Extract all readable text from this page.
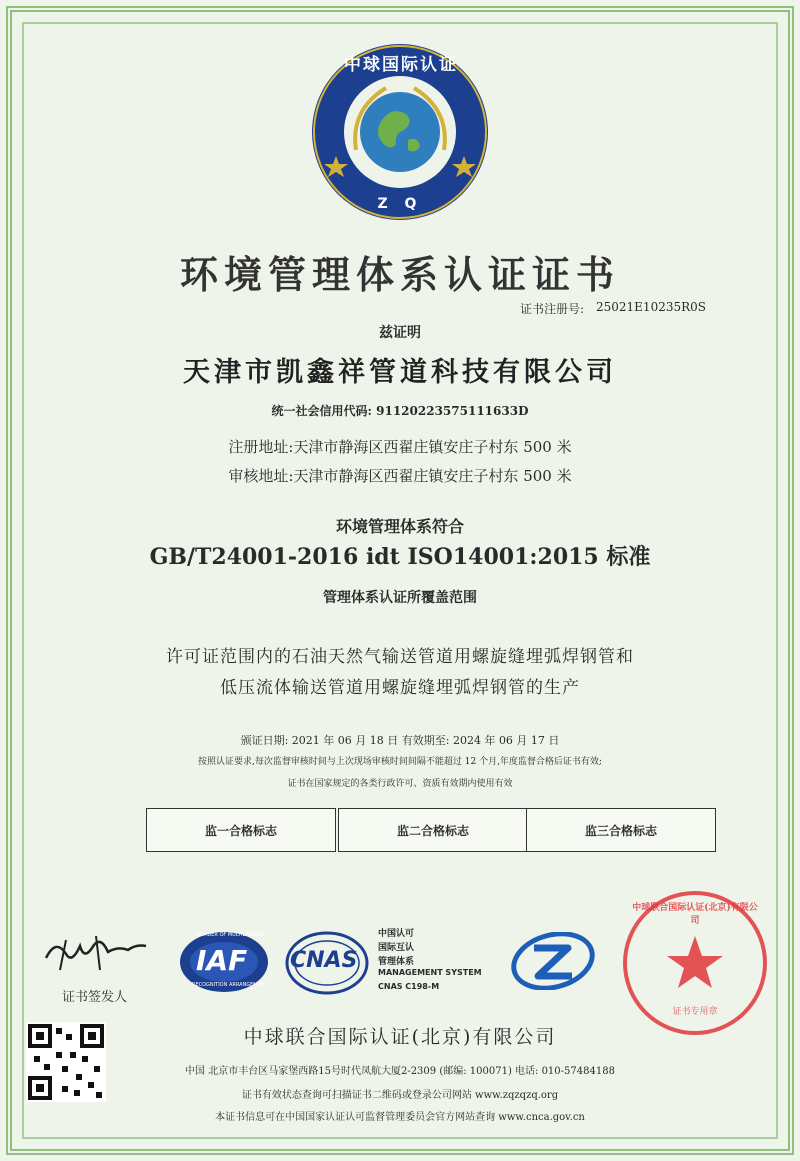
中球国际认证
Z Q
环境管理体系认证证书
证书注册号: 25021E10235R0S
兹证明
天津市凯鑫祥管道科技有限公司
统一社会信用代码: 91120223575111633D
注册地址:天津市静海区西翟庄镇安庄子村东 500 米
审核地址:天津市静海区西翟庄镇安庄子村东 500 米
环境管理体系符合
GB/T24001-2016 idt ISO14001:2015 标准
管理体系认证所覆盖范围
许可证范围内的石油天然气输送管道用螺旋缝埋弧焊钢管和
低压流体输送管道用螺旋缝埋弧焊钢管的生产
颁证日期: 2021 年 06 月 18 日 有效期至: 2024 年 06 月 17 日
按照认证要求,每次监督审核时间与上次现场审核时间间隔不能超过 12 个月,年度监督合格后证书有效;
证书在国家规定的各类行政许可、资质有效期内使用有效
监一合格标志	监二合格标志	监三合格标志
证书签发人
IAF
MEMBER OF MULTILATERAL
RECOGNITION ARRANGEMENT
CNAS
中国认可
国际互认
管理体系
MANAGEMENT SYSTEM
CNAS C198-M
中球联合国际认证(北京)有限公司
证书专用章
中球联合国际认证(北京)有限公司
中国 北京市丰台区马家堡西路15号时代凤航大厦2-2309 (邮编: 100071) 电话: 010-57484188
证书有效状态查询可扫描证书二维码或登录公司网站 www.zqzqzq.org
本证书信息可在中国国家认证认可监督管理委员会官方网站查询 www.cnca.gov.cn
